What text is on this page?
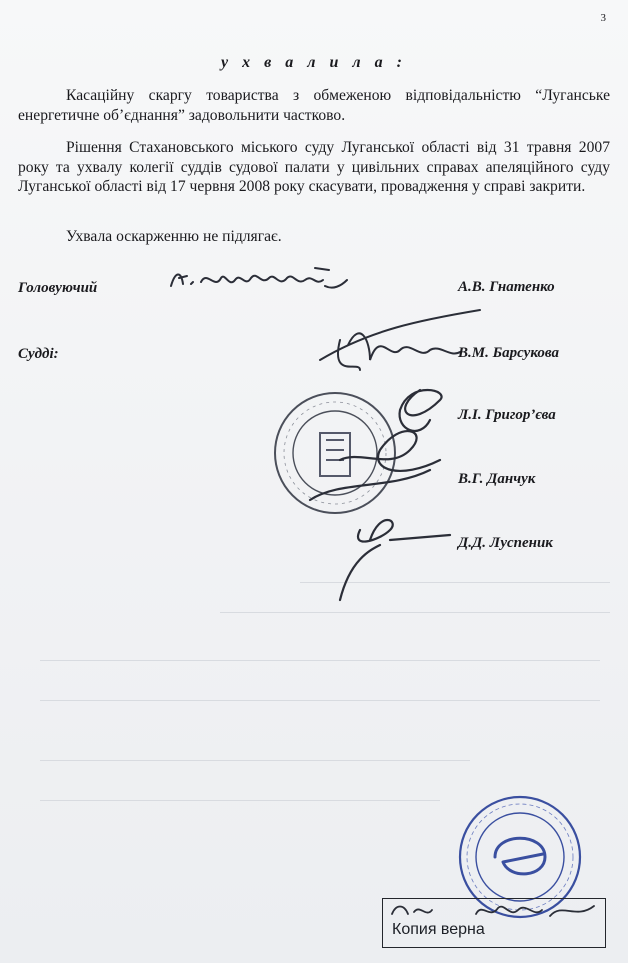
3
у х в а л и л а :

Касаційну скаргу товариства з обмеженою відповідальністю “Луганське енергетичне об’єднання” задовольнити частково.

Рішення Стахановського міського суду Луганської області від 31 травня 2007 року та ухвалу колегії суддів судової палати у цивільних справах апеляційного суду Луганської області від 17 червня 2008 року скасувати, провадження у справі закрити.

Ухвала оскарженню не підлягає.

Головуючий	А.В. Гнатенко
Судді:	В.М. Барсукова
Л.І. Григор’єва
В.Г. Данчук
Д.Д. Луспеник
Копия верна
